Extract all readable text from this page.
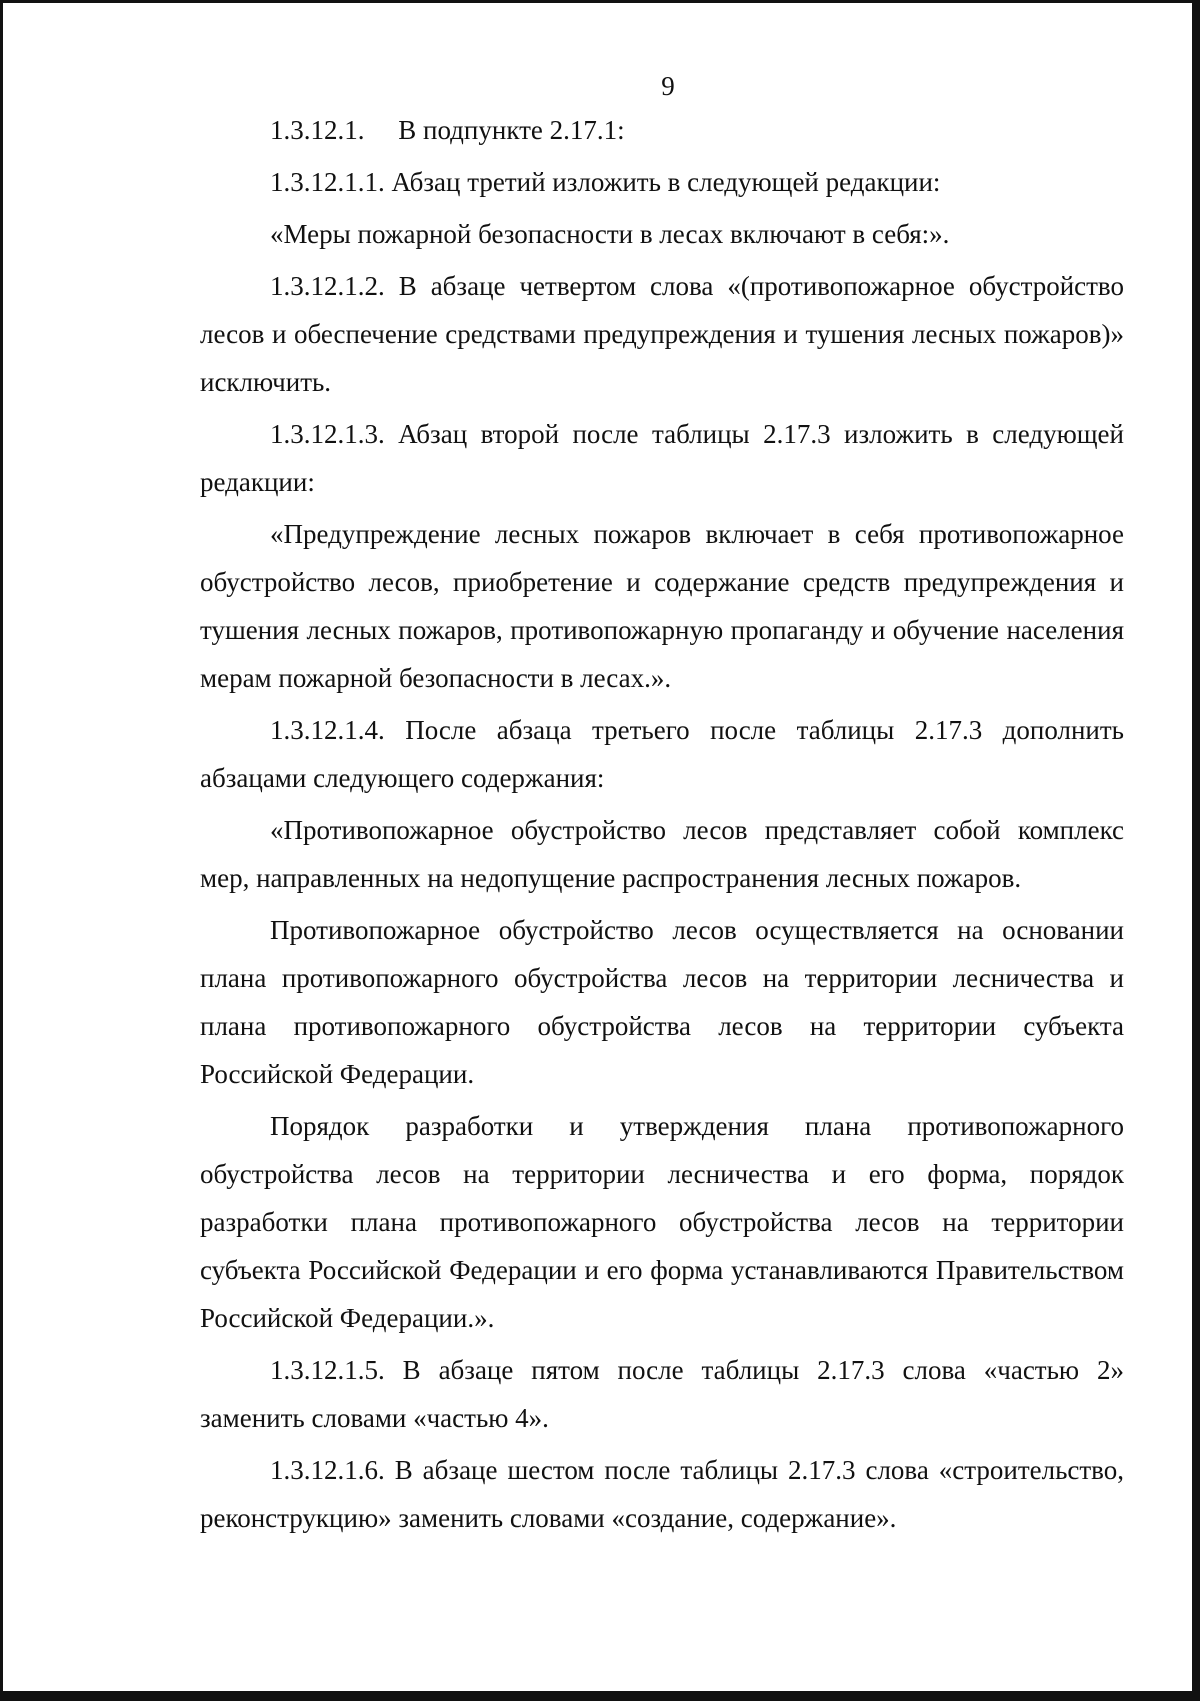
9

1.3.12.1.  В подпункте 2.17.1:

1.3.12.1.1. Абзац третий изложить в следующей редакции:

«Меры пожарной безопасности в лесах включают в себя:».

1.3.12.1.2. В абзаце четвертом слова «(противопожарное обустройство лесов и обеспечение средствами предупреждения и тушения лесных пожаров)» исключить.

1.3.12.1.3. Абзац второй после таблицы 2.17.3 изложить в следующей редакции:

«Предупреждение лесных пожаров включает в себя противопожарное обустройство лесов, приобретение и содержание средств предупреждения и тушения лесных пожаров, противопожарную пропаганду и обучение населения мерам пожарной безопасности в лесах.».

1.3.12.1.4. После абзаца третьего после таблицы 2.17.3 дополнить абзацами следующего содержания:

«Противопожарное обустройство лесов представляет собой комплекс мер, направленных на недопущение распространения лесных пожаров.

Противопожарное обустройство лесов осуществляется на основании плана противопожарного обустройства лесов на территории лесничества и плана противопожарного обустройства лесов на территории субъекта Российской Федерации.

Порядок разработки и утверждения плана противопожарного обустройства лесов на территории лесничества и его форма, порядок разработки плана противопожарного обустройства лесов на территории субъекта Российской Федерации и его форма устанавливаются Правительством Российской Федерации.».

1.3.12.1.5. В абзаце пятом после таблицы 2.17.3 слова «частью 2» заменить словами «частью 4».

1.3.12.1.6. В абзаце шестом после таблицы 2.17.3 слова «строительство, реконструкцию» заменить словами «создание, содержание».
